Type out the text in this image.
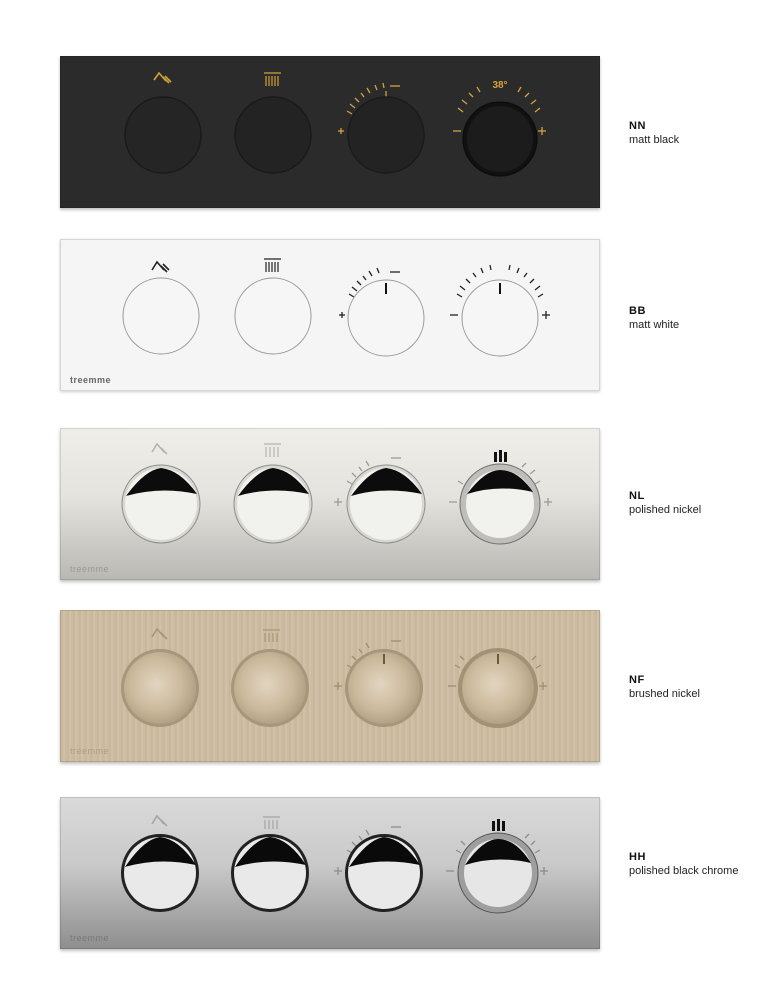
38°
NN
matt black
treemme
BB
matt white
treemme
NL
polished nickel
treemme
NF
brushed nickel
treemme
HH
polished black chrome
